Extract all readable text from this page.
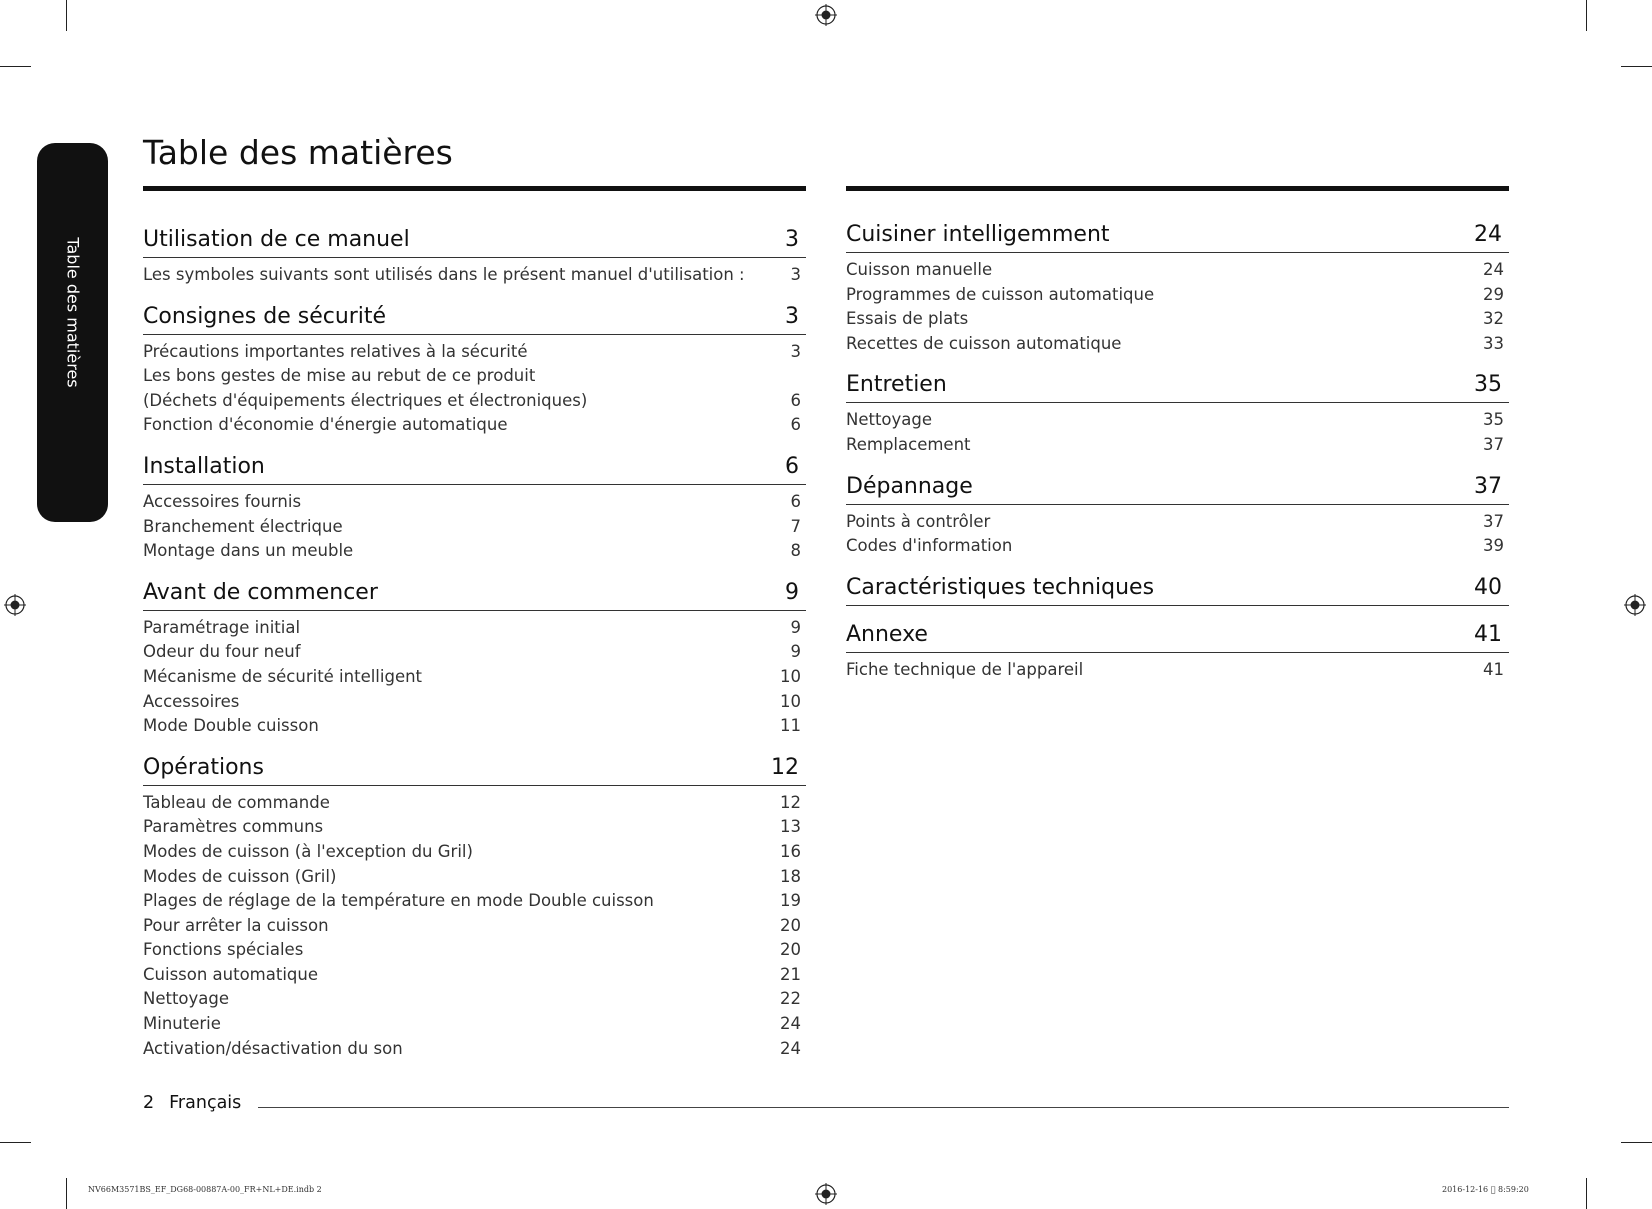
Table des matières
Table des matières
Utilisation de ce manuel	3
Les symboles suivants sont utilisés dans le présent manuel d'utilisation :	3
Consignes de sécurité	3
Précautions importantes relatives à la sécurité	3
Les bons gestes de mise au rebut de ce produit
(Déchets d'équipements électriques et électroniques)	6
Fonction d'économie d'énergie automatique	6
Installation	6
Accessoires fournis	6
Branchement électrique	7
Montage dans un meuble	8
Avant de commencer	9
Paramétrage initial	9
Odeur du four neuf	9
Mécanisme de sécurité intelligent	10
Accessoires	10
Mode Double cuisson	11
Opérations	12
Tableau de commande	12
Paramètres communs	13
Modes de cuisson (à l'exception du Gril)	16
Modes de cuisson (Gril)	18
Plages de réglage de la température en mode Double cuisson	19
Pour arrêter la cuisson	20
Fonctions spéciales	20
Cuisson automatique	21
Nettoyage	22
Minuterie	24
Activation/désactivation du son	24
Cuisiner intelligemment	24
Cuisson manuelle	24
Programmes de cuisson automatique	29
Essais de plats	32
Recettes de cuisson automatique	33
Entretien	35
Nettoyage	35
Remplacement	37
Dépannage	37
Points à contrôler	37
Codes d'information	39
Caractéristiques techniques	40
Annexe	41
Fiche technique de l'appareil	41
2 Français
NV66M3571BS_EF_DG68-00887A-00_FR+NL+DE.indb 2	2016-12-16   8:59:20
